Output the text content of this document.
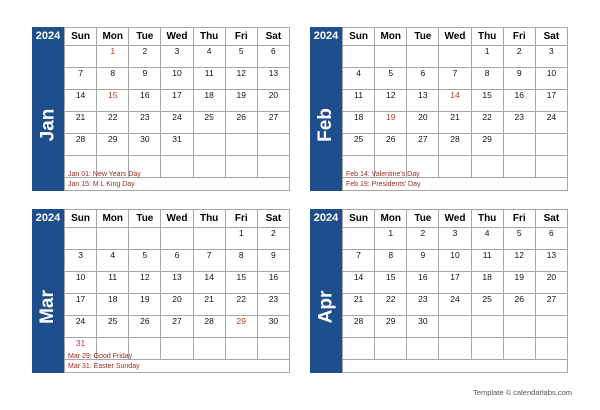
2024
Jan
Sun	Mon	Tue	Wed	Thu	Fri	Sat
	1	2	3	4	5	6
7	8	9	10	11	12	13
14	15	16	17	18	19	20
21	22	23	24	25	26	27
28	29	30	31			

Jan 01: New Years Day
Jan 15: M L King Day
2024
Feb
Sun	Mon	Tue	Wed	Thu	Fri	Sat
				1	2	3
4	5	6	7	8	9	10
11	12	13	14	15	16	17
18	19	20	21	22	23	24
25	26	27	28	29		

Feb 14: Valentine's Day
Feb 19: Presidents' Day
2024
Mar
Sun	Mon	Tue	Wed	Thu	Fri	Sat
					1	2
3	4	5	6	7	8	9
10	11	12	13	14	15	16
17	18	19	20	21	22	23
24	25	26	27	28	29	30
31						
Mar 29: Good Friday
Mar 31: Easter Sunday
2024
Apr
Sun	Mon	Tue	Wed	Thu	Fri	Sat
	1	2	3	4	5	6
7	8	9	10	11	12	13
14	15	16	17	18	19	20
21	22	23	24	25	26	27
28	29	30				

Template © calendarlabs.com
